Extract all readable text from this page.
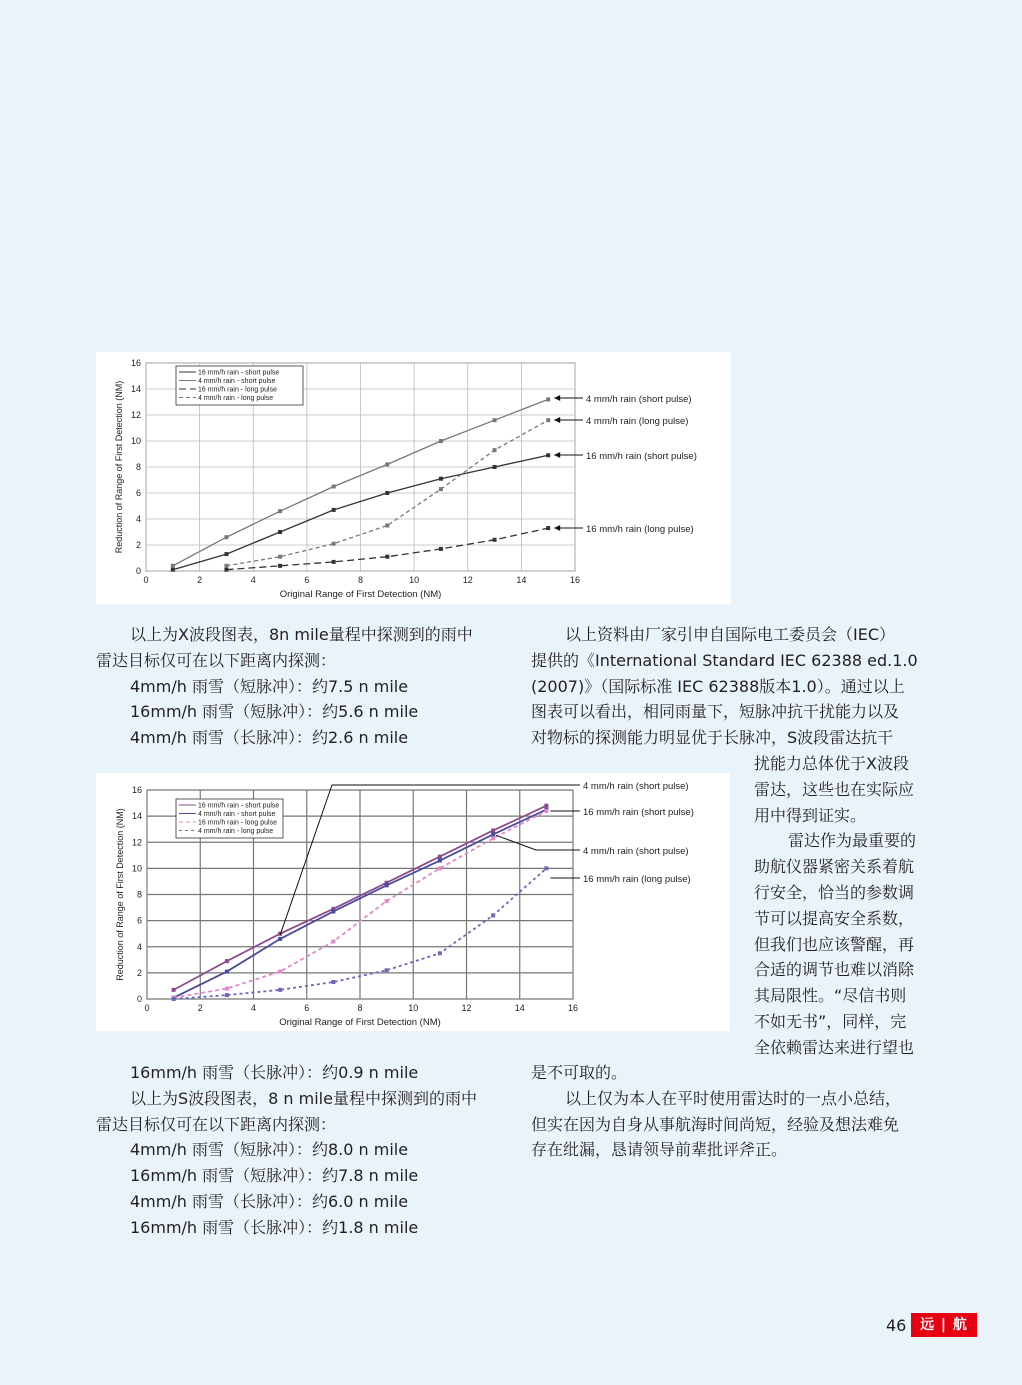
0	2	4	6	8	10	12	14	16
0
2
4
6
8
10
12
14
16
Original Range of First Detection (NM)
Reduction of Range of First Detection (NM)
16 mm/h rain - short pulse
4 mm/h rain - short pulse
16 mm/h rain - long pulse
4 mm/h rain - long pulse	4 mm/h rain (short pulse)
4 mm/h rain (long pulse)
16 mm/h rain (short pulse)
16 mm/h rain (long pulse)

以上为X波段图表，8n mile量程中探测到的雨中

雷达目标仅可在以下距离内探测：

4mm/h 雨雪（短脉冲）：约7.5 n mile

16mm/h 雨雪（短脉冲）：约5.6 n mile

4mm/h 雨雪（长脉冲）：约2.6 n mile

以上资料由厂家引申自国际电工委员会（IEC）

提供的《International Standard IEC 62388 ed.1.0

(2007)》（国际标准 IEC 62388版本1.0）。通过以上

图表可以看出，相同雨量下，短脉冲抗干扰能力以及

对物标的探测能力明显优于长脉冲，S波段雷达抗干

0	2	4	6	8	10	12	14	16
0
2
4
6
8
10
12
14
16
Original Range of First Detection (NM)
Reduction of Range of First Detection (NM)
16 mm/h rain - short pulse
4 mm/h rain - short pulse
16 mm/h rain - long pulse
4 mm/h rain - long pulse
4 mm/h rain (short pulse)
16 mm/h rain (short pulse)
4 mm/h rain (short pulse)
16 mm/h rain (long pulse)

扰能力总体优于X波段

雷达，这些也在实际应

用中得到证实。

雷达作为最重要的

助航仪器紧密关系着航

行安全，恰当的参数调

节可以提高安全系数，

但我们也应该警醒，再

合适的调节也难以消除

其局限性。“尽信书则

不如无书”，同样，完

全依赖雷达来进行望也

16mm/h 雨雪（长脉冲）：约0.9 n mile

以上为S波段图表，8 n mile量程中探测到的雨中

雷达目标仅可在以下距离内探测：

4mm/h 雨雪（短脉冲）：约8.0 n mile

16mm/h 雨雪（短脉冲）：约7.8 n mile

4mm/h 雨雪（长脉冲）：约6.0 n mile

16mm/h 雨雪（长脉冲）：约1.8 n mile

是不可取的。

以上仅为本人在平时使用雷达时的一点小总结，

但实在因为自身从事航海时间尚短，经验及想法难免

存在纰漏，恳请领导前辈批评斧正。

46 远 | 航
